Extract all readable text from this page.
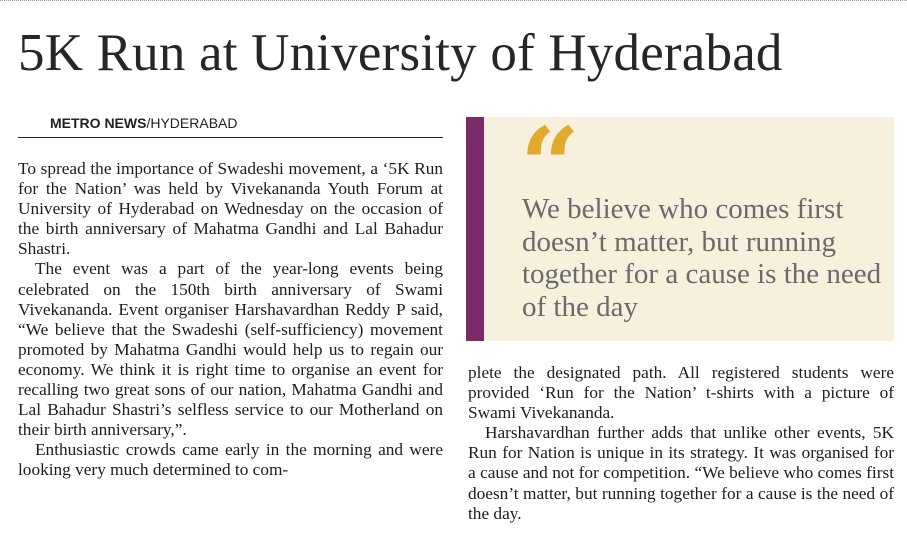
5K Run at University of Hyderabad
METRO NEWS/HYDERABAD

To spread the importance of Swadeshi movement, a ‘5K Run for the Nation’ was held by Vivekananda Youth Forum at University of Hyderabad on Wednesday on the occasion of the birth anniversary of Mahatma Gandhi and Lal Bahadur Shastri.

The event was a part of the year-long events being celebrated on the 150th birth anniversary of Swami Vivekananda. Event organiser Harshavardhan Reddy P said, “We believe that the Swadeshi (self-sufficiency) movement promoted by Mahatma Gandhi would help us to regain our economy. We think it is right time to organise an event for recalling two great sons of our nation, Mahatma Gandhi and Lal Bahadur Shastri’s selfless service to our Motherland on their birth anniversary,”.

Enthusiastic crowds came early in the morning and were looking very much determined to com-

“
We believe who comes first doesn’t matter, but running together for a cause is the need of the day

plete the designated path. All registered students were provided ‘Run for the Nation’ t-shirts with a picture of Swami Vivekananda.

Harshavardhan further adds that unlike other events, 5K Run for Nation is unique in its strategy. It was organised for a cause and not for competition. “We believe who comes first doesn’t matter, but running together for a cause is the need of the day.
